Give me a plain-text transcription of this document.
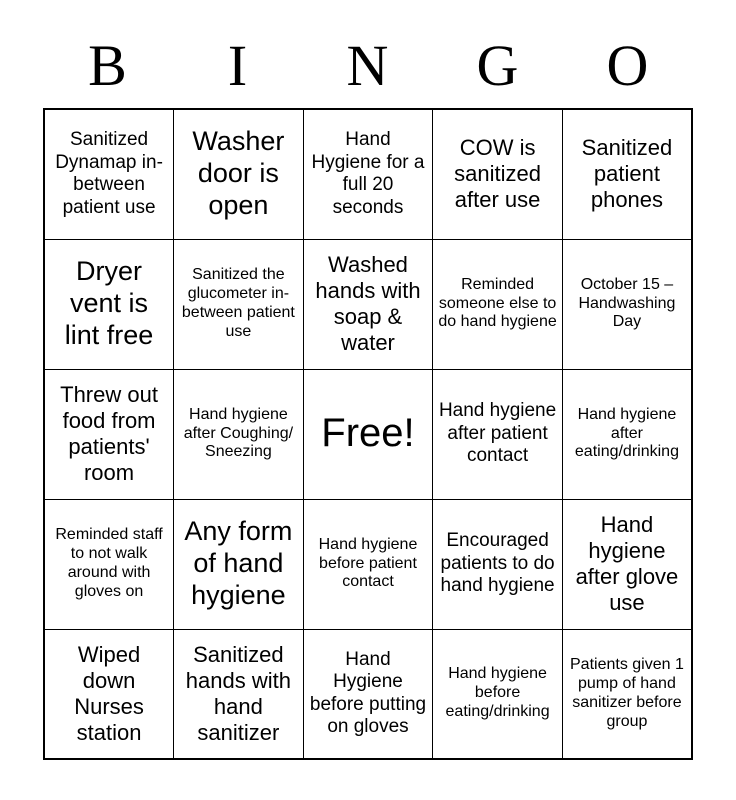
B	I	N	G	O
Sanitized Dynamap in-between patient use	Washer door is open	Hand Hygiene for a full 20 seconds	COW is sanitized after use	Sanitized patient phones
Dryer vent is lint free	Sanitized the glucometer in-between patient use	Washed hands with soap & water	Reminded someone else to do hand hygiene	October 15 – Handwashing Day
Threw out food from patients' room	Hand hygiene after Coughing/ Sneezing	Free!	Hand hygiene after patient contact	Hand hygiene after eating/drinking
Reminded staff to not walk around with gloves on	Any form of hand hygiene	Hand hygiene before patient contact	Encouraged patients to do hand hygiene	Hand hygiene after glove use
Wiped down Nurses station	Sanitized hands with hand sanitizer	Hand Hygiene before putting on gloves	Hand hygiene before eating/drinking	Patients given 1 pump of hand sanitizer before group
